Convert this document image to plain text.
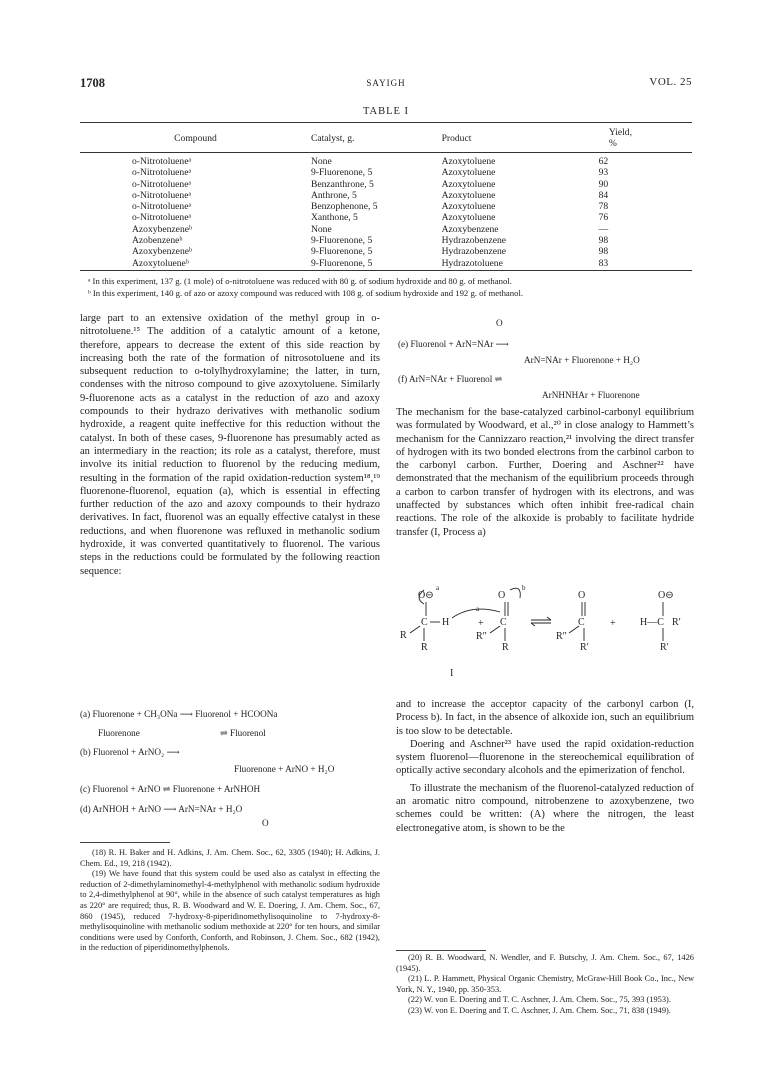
1708	SAYIGH	VOL. 25
TABLE I
Compound	Catalyst, g.	Product	Yield, %
o-Nitrotolueneᵃ	None	Azoxytoluene	62
o-Nitrotolueneᵃ	9-Fluorenone, 5	Azoxytoluene	93
o-Nitrotolueneᵃ	Benzanthrone, 5	Azoxytoluene	90
o-Nitrotolueneᵃ	Anthrone, 5	Azoxytoluene	84
o-Nitrotolueneᵃ	Benzophenone, 5	Azoxytoluene	78
o-Nitrotolueneᵃ	Xanthone, 5	Azoxytoluene	76
Azoxybenzeneᵇ	None	Azoxybenzene	—
Azobenzeneᵇ	9-Fluorenone, 5	Hydrazobenzene	98
Azoxybenzeneᵇ	9-Fluorenone, 5	Hydrazobenzene	98
Azoxytolueneᵇ	9-Fluorenone, 5	Hydrazotoluene	83
ᵃ In this experiment, 137 g. (1 mole) of o-nitrotoluene was reduced with 80 g. of sodium hydroxide and 80 g. of methanol.
ᵇ In this experiment, 140 g. of azo or azoxy compound was reduced with 108 g. of sodium hydroxide and 192 g. of methanol.

large part to an extensive oxidation of the methyl group in o-nitrotoluene.¹⁵ The addition of a catalytic amount of a ketone, therefore, appears to decrease the extent of this side reaction by increasing both the rate of the formation of nitrosotoluene and its subsequent reduction to o-tolylhydroxylamine; the latter, in turn, condenses with the nitroso compound to give azoxytoluene. Similarly 9-fluorenone acts as a catalyst in the reduction of azo and azoxy compounds to their hydrazo derivatives with methanolic sodium hydroxide, a reagent quite ineffective for this reduction without the catalyst. In both of these cases, 9-fluorenone has presumably acted as an intermediary in the reaction; its role as a catalyst, therefore, must involve its initial reduction to fluorenol by the reducing medium, resulting in the formation of the rapid oxidation-reduction system¹⁸,¹⁹ fluorenone-fluorenol, equation (a), which is essential in effecting further reduction of the azo and azoxy compounds to their hydrazo derivatives. In fact, fluorenol was an equally effective catalyst in these reductions, and when fluorenone was refluxed in methanolic sodium hydroxide, it was converted quantitatively to fluorenol. The various steps in the reductions could be formulated by the following reaction sequence:

(a) Fluorenone + CH₃ONa ⟶ Fluorenol + HCOONa
Fluorenone	⇌ Fluorenol
(b) Fluorenol + ArNO₂ ⟶
Fluorenone + ArNO + H₂O
(c) Fluorenol + ArNO ⇌ Fluorenone + ArNHOH
(d) ArNHOH + ArNO ⟶ ArN=NAr + H₂O
O

(18) R. H. Baker and H. Adkins, J. Am. Chem. Soc., 62, 3305 (1940); H. Adkins, J. Chem. Ed., 19, 218 (1942).

(19) We have found that this system could be used also as catalyst in effecting the reduction of 2-dimethylaminomethyl-4-methylphenol with methanolic sodium hydroxide to 2,4-dimethylphenol at 90°, while in the absence of such catalyst temperatures as high as 220° are required; thus, R. B. Woodward and W. E. Doering, J. Am. Chem. Soc., 67, 860 (1945), reduced 7-hydroxy-8-piperidinomethylisoquinoline to 7-hydroxy-8-methylisoquinoline with methanolic sodium methoxide at 220° for ten hours, and similar conditions were used by Conforth, Conforth, and Robinson, J. Chem. Soc., 682 (1942), in the reduction of piperidinomethylphenols.

O
(e) Fluorenol + ArN=NAr ⟶
ArN=NAr + Fluorenone + H₂O
(f) ArN=NAr + Fluorenol ⇌
ArNHNHAr + Fluorenone

The mechanism for the base-catalyzed carbinol-carbonyl equilibrium was formulated by Woodward, et al.,²⁰ in close analogy to Hammett’s mechanism for the Cannizzaro reaction,²¹ involving the direct transfer of hydrogen with its two bonded electrons from the carbinol carbon to the carbonyl carbon. Further, Doering and Aschner²² have demonstrated that the mechanism of the equilibrium proceeds through a carbon to carbon transfer of hydrogen with its electrons, and was unaffected by substances which often inhibit free-radical chain reactions. The role of the alkoxide is probably to facilitate hydride transfer (I, Process a)

O⊖
a
C H
R
R
a
O
b
+ C
R″
R
I
O
C
R″
R′
+
O⊖
H—C R′
R′

and to increase the acceptor capacity of the carbonyl carbon (I, Process b). In fact, in the absence of alkoxide ion, such an equilibrium is too slow to be detectable.

Doering and Aschner²³ have used the rapid oxidation-reduction system fluorenol—fluorenone in the stereochemical equilibration of optically active secondary alcohols and the epimerization of fenchol.

To illustrate the mechanism of the fluorenol-catalyzed reduction of an aromatic nitro compound, nitrobenzene to azoxybenzene, two schemes could be written: (A) where the nitrogen, the least electronegative atom, is shown to be the

(20) R. B. Woodward, N. Wendler, and F. Butschy, J. Am. Chem. Soc., 67, 1426 (1945).

(21) L. P. Hammett, Physical Organic Chemistry, McGraw-Hill Book Co., Inc., New York, N. Y., 1940, pp. 350-353.

(22) W. von E. Doering and T. C. Aschner, J. Am. Chem. Soc., 75, 393 (1953).

(23) W. von E. Doering and T. C. Aschner, J. Am. Chem. Soc., 71, 838 (1949).
